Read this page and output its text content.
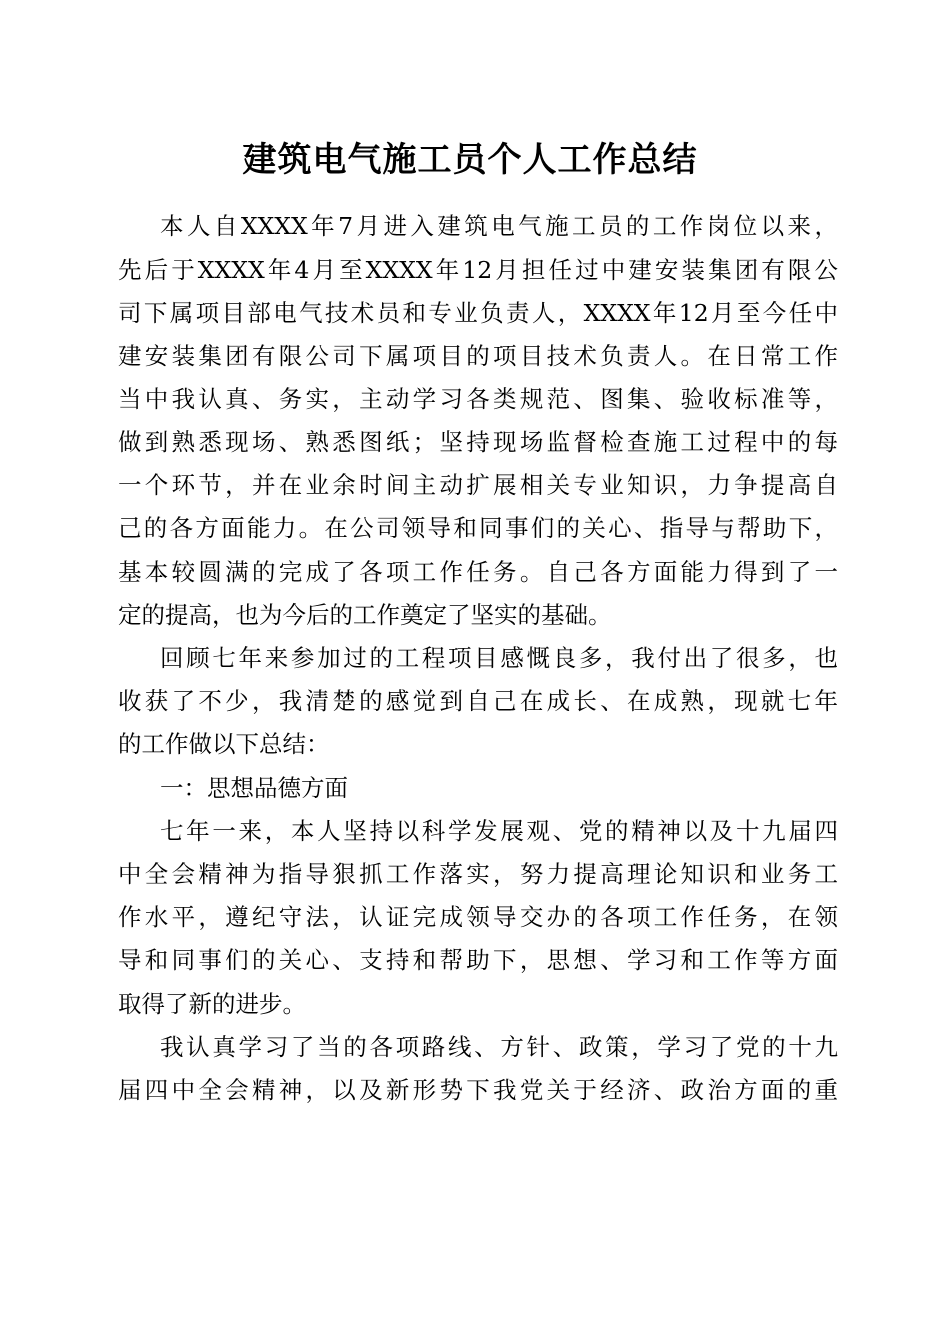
建筑电气施工员个人工作总结

本人自XXXX年7月进入建筑电气施工员的工作岗位以来，

先后于XXXX年4月至XXXX年12月担任过中建安装集团有限公

司下属项目部电气技术员和专业负责人，XXXX年12月至今任中

建安装集团有限公司下属项目的项目技术负责人。在日常工作

当中我认真、务实，主动学习各类规范、图集、验收标准等，

做到熟悉现场、熟悉图纸；坚持现场监督检查施工过程中的每

一个环节，并在业余时间主动扩展相关专业知识，力争提高自

己的各方面能力。在公司领导和同事们的关心、指导与帮助下，

基本较圆满的完成了各项工作任务。自己各方面能力得到了一

定的提高，也为今后的工作奠定了坚实的基础。

回顾七年来参加过的工程项目感慨良多，我付出了很多，也

收获了不少，我清楚的感觉到自己在成长、在成熟，现就七年

的工作做以下总结：

一：思想品德方面

七年一来，本人坚持以科学发展观、党的精神以及十九届四

中全会精神为指导狠抓工作落实，努力提高理论知识和业务工

作水平，遵纪守法，认证完成领导交办的各项工作任务，在领

导和同事们的关心、支持和帮助下，思想、学习和工作等方面

取得了新的进步。

我认真学习了当的各项路线、方针、政策，学习了党的十九

届四中全会精神，以及新形势下我党关于经济、政治方面的重
